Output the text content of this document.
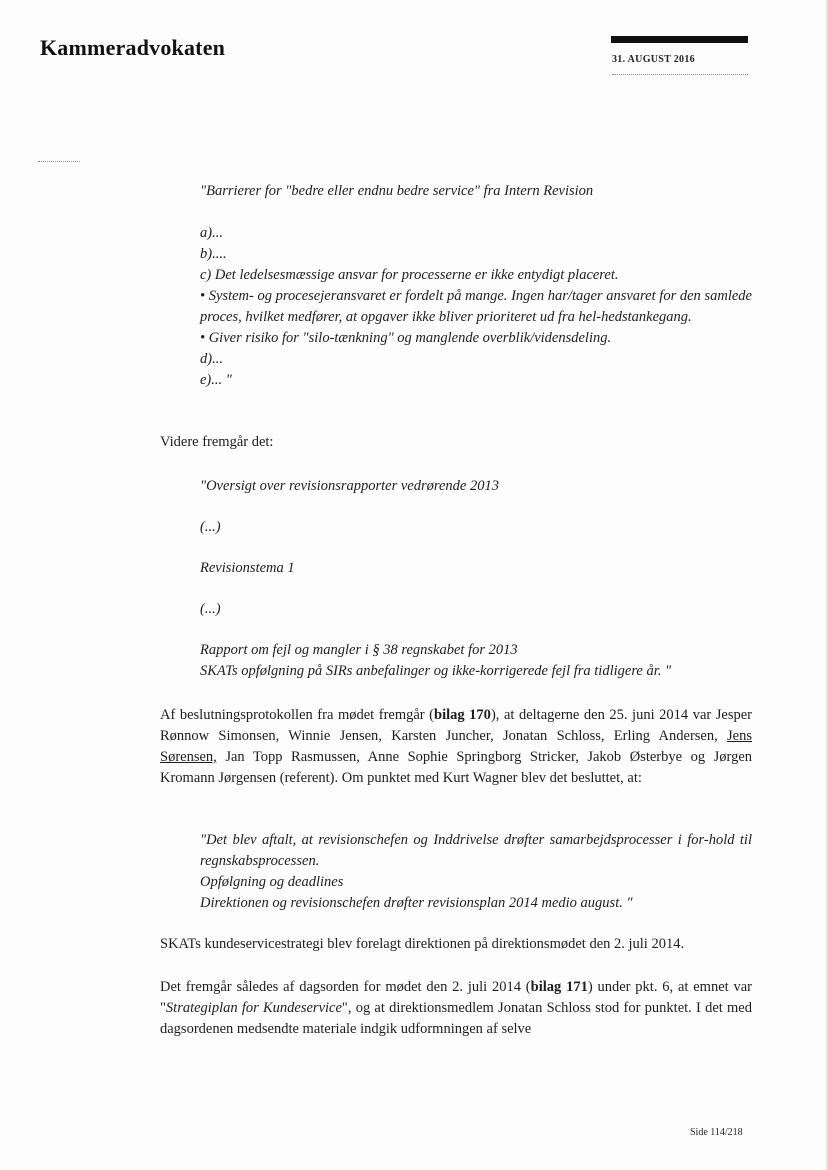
Kammeradvokaten	31. AUGUST 2016

"Barrierer for "bedre eller endnu bedre service" fra Intern Revision

a)...

b)....

c) Det ledelsesmæssige ansvar for processerne er ikke entydigt placeret.

• System- og procesejeransvaret er fordelt på mange. Ingen har/tager ansvaret for den samlede proces, hvilket medfører, at opgaver ikke bliver prioriteret ud fra hel-hedstankegang.

• Giver risiko for "silo-tænkning" og manglende overblik/vidensdeling.

d)...

e)... "

Videre fremgår det:

"Oversigt over revisionsrapporter vedrørende 2013

(...)

Revisionstema 1

(...)

Rapport om fejl og mangler i § 38 regnskabet for 2013

SKATs opfølgning på SIRs anbefalinger og ikke-korrigerede fejl fra tidligere år. "

Af beslutningsprotokollen fra mødet fremgår (bilag 170), at deltagerne den 25. juni 2014 var Jesper Rønnow Simonsen, Winnie Jensen, Karsten Juncher, Jonatan Schloss, Erling Andersen, Jens Sørensen, Jan Topp Rasmussen, Anne Sophie Springborg Stricker, Jakob Østerbye og Jørgen Kromann Jørgensen (referent). Om punktet med Kurt Wagner blev det besluttet, at:

"Det blev aftalt, at revisionschefen og Inddrivelse drøfter samarbejdsprocesser i for-hold til regnskabsprocessen.

Opfølgning og deadlines

Direktionen og revisionschefen drøfter revisionsplan 2014 medio august. "

SKATs kundeservicestrategi blev forelagt direktionen på direktionsmødet den 2. juli 2014.

Det fremgår således af dagsorden for mødet den 2. juli 2014 (bilag 171) under pkt. 6, at emnet var "Strategiplan for Kundeservice", og at direktionsmedlem Jonatan Schloss stod for punktet. I det med dagsordenen medsendte materiale indgik udformningen af selve

Side 114/218
